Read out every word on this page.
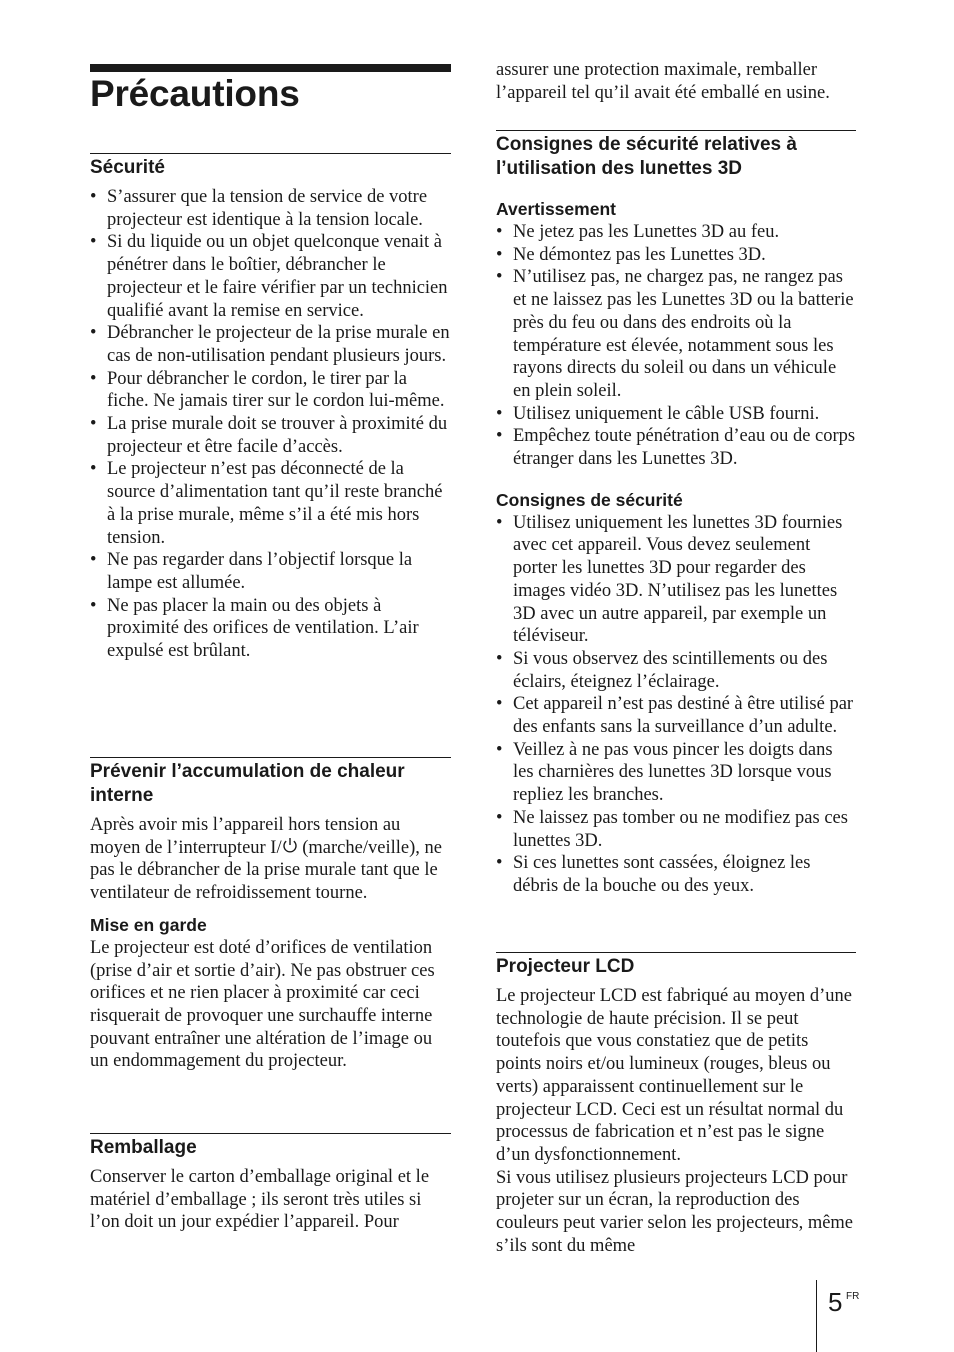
Précautions
Sécurité
• S’assurer que la tension de service de votre projecteur est identique à la tension locale.
• Si du liquide ou un objet quelconque venait à pénétrer dans le boîtier, débrancher le projecteur et le faire vérifier par un technicien qualifié avant la remise en service.
• Débrancher le projecteur de la prise murale en cas de non-utilisation pendant plusieurs jours.
• Pour débrancher le cordon, le tirer par la fiche. Ne jamais tirer sur le cordon lui-même.
• La prise murale doit se trouver à proximité du projecteur et être facile d’accès.
• Le projecteur n’est pas déconnecté de la source d’alimentation tant qu’il reste branché à la prise murale, même s’il a été mis hors tension.
• Ne pas regarder dans l’objectif lorsque la lampe est allumée.
• Ne pas placer la main ou des objets à proximité des orifices de ventilation. L’air expulsé est brûlant.
Prévenir l’accumulation de chaleur interne

Après avoir mis l’appareil hors tension au moyen de l’interrupteur I/ (marche/veille), ne pas le débrancher de la prise murale tant que le ventilateur de refroidissement tourne.

Mise en garde

Le projecteur est doté d’orifices de ventilation (prise d’air et sortie d’air). Ne pas obstruer ces orifices et ne rien placer à proximité car ceci risquerait de provoquer une surchauffe interne pouvant entraîner une altération de l’image ou un endommagement du projecteur.

Remballage

Conserver le carton d’emballage original et le matériel d’emballage ; ils seront très utiles si l’on doit un jour expédier l’appareil. Pour

assurer une protection maximale, remballer l’appareil tel qu’il avait été emballé en usine.

Consignes de sécurité relatives à l’utilisation des lunettes 3D
Avertissement
• Ne jetez pas les Lunettes 3D au feu.
• Ne démontez pas les Lunettes 3D.
• N’utilisez pas, ne chargez pas, ne rangez pas et ne laissez pas les Lunettes 3D ou la batterie près du feu ou dans des endroits où la température est élevée, notamment sous les rayons directs du soleil ou dans un véhicule en plein soleil.
• Utilisez uniquement le câble USB fourni.
• Empêchez toute pénétration d’eau ou de corps étranger dans les Lunettes 3D.
Consignes de sécurité
• Utilisez uniquement les lunettes 3D fournies avec cet appareil. Vous devez seulement porter les lunettes 3D pour regarder des images vidéo 3D. N’utilisez pas les lunettes 3D avec un autre appareil, par exemple un téléviseur.
• Si vous observez des scintillements ou des éclairs, éteignez l’éclairage.
• Cet appareil n’est pas destiné à être utilisé par des enfants sans la surveillance d’un adulte.
• Veillez à ne pas vous pincer les doigts dans les charnières des lunettes 3D lorsque vous repliez les branches.
• Ne laissez pas tomber ou ne modifiez pas ces lunettes 3D.
• Si ces lunettes sont cassées, éloignez les débris de la bouche ou des yeux.
Projecteur LCD

Le projecteur LCD est fabriqué au moyen d’une technologie de haute précision. Il se peut toutefois que vous constatiez que de petits points noirs et/ou lumineux (rouges, bleus ou verts) apparaissent continuellement sur le projecteur LCD. Ceci est un résultat normal du processus de fabrication et n’est pas le signe d’un dysfonctionnement.

Si vous utilisez plusieurs projecteurs LCD pour projeter sur un écran, la reproduction des couleurs peut varier selon les projecteurs, même s’ils sont du même

5 FR
